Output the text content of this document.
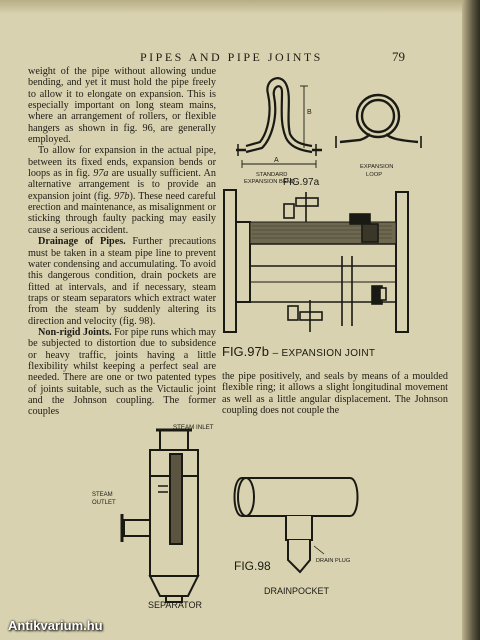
PIPES AND PIPE JOINTS	79

weight of the pipe without allowing undue bending, and yet it must hold the pipe freely to allow it to elongate on expansion. This is especially important on long steam mains, where an arrangement of rollers, or flexible hangers as shown in fig. 96, are generally employed.

To allow for expansion in the actual pipe, between its fixed ends, expansion bends or loops as in fig. 97a are usually sufficient. An alternative arrangement is to provide an expansion joint (fig. 97b). These need careful erection and maintenance, as misalignment or sticking through faulty packing may easily cause a serious accident.

Drainage of Pipes. Further precautions must be taken in a steam pipe line to prevent water condensing and accumulating. To avoid this dangerous condition, drain pockets are fitted at intervals, and if necessary, steam traps or steam separators which extract water from the steam by suddenly altering its direction and velocity (fig. 98).

Non-rigid Joints. For pipe runs which may be subjected to distortion due to subsidence or heavy traffic, joints having a little flexibility whilst keeping a perfect seal are needed. There are one or two patented types of joints suitable, such as the Victaulic joint and the Johnson coupling. The former couples

the pipe positively, and seals by means of a moulded flexible ring; it allows a slight longitudinal movement as well as a little angular displacement. The Johnson coupling does not couple the

A
B
STANDARD
EXPANSION BEND
EXPANSION
LOOP
FIG.97a
FIG.97b – EXPANSION JOINT
STEAM INLET
STEAM
OUTLET
SEPARATOR
DRAIN PLUG
FIG.98
DRAINPOCKET
Antikvarium.hu
